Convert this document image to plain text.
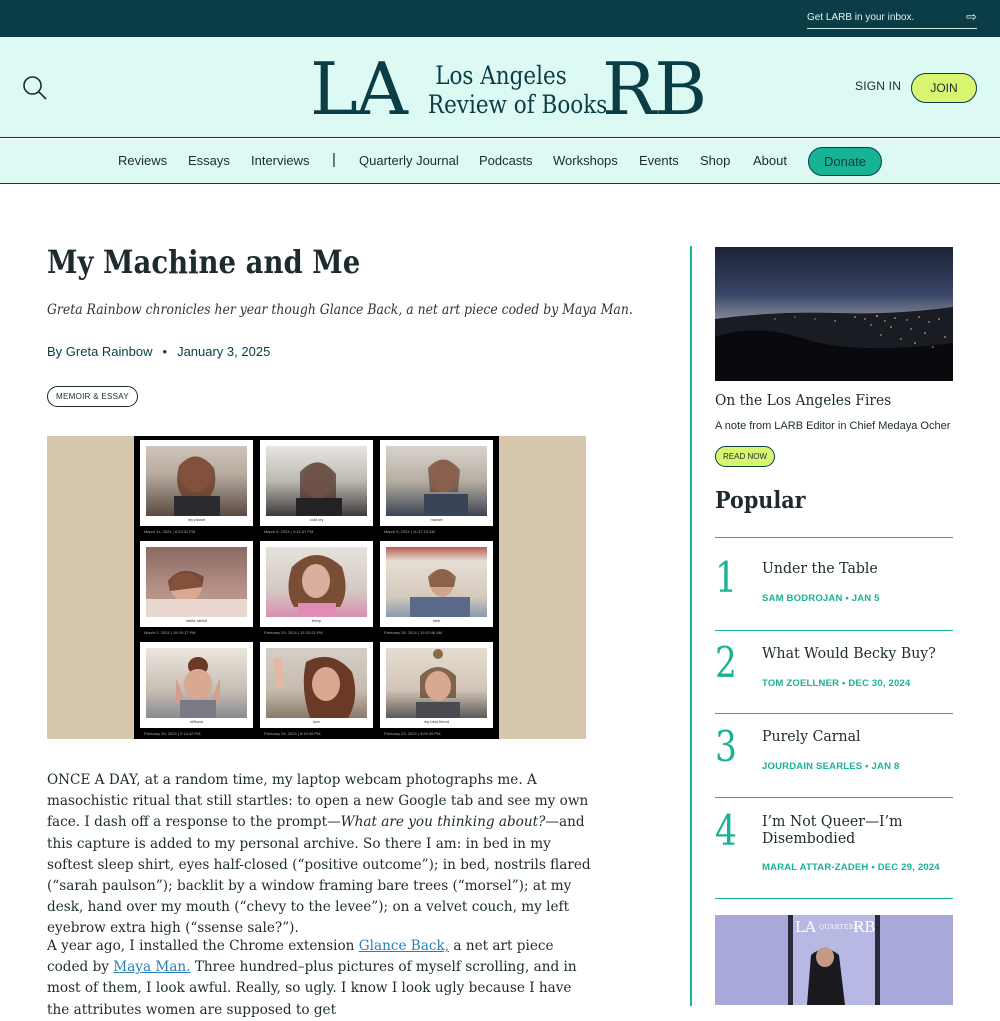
Get LARB in your inbox.
⇨
LA Los Angeles
Review of Books
RB	SIGN IN	JOIN
Reviews Essays Interviews | Quarterly Journal Podcasts Workshops Events Shop About	Donate
My Machine and Me

Greta Rainbow chronicles her year though Glance Back, a net art piece coded by Maya Man.

By Greta Rainbow • January 3, 2025
MEMOIR & ESSAY
my planet
March 11, 2024 | 8:33:32 PM
cold cry
March 8, 2024 | 4:14:37 PM
morsel
March 5, 2024 | 11:37:19 AM
white rabbit
March 2, 2024 | 10:09:17 PM
beep
February 29, 2024 | 12:32:23 PM
slek
February 28, 2024 | 11:02:48 AM
effluvia
February 26, 2024 | 2:14:42 PM
lozz
February 24, 2024 | 8:10:06 PM
my best friend
February 23, 2024 | 3:09:39 PM

ONCE A DAY, at a random time, my laptop webcam photographs me. A masochistic ritual that still startles: to open a new Google tab and see my own face. I dash off a response to the prompt—What are you thinking about?—and this capture is added to my personal archive. So there I am: in bed in my softest sleep shirt, eyes half-closed (“positive outcome”); in bed, nostrils flared (“sarah paulson”); backlit by a window framing bare trees (“morsel”); at my desk, hand over my mouth (“chevy to the levee”); on a velvet couch, my left eyebrow extra high (“ssense sale?”).

A year ago, I installed the Chrome extension Glance Back, a net art piece coded by Maya Man. Three hundred–plus pictures of myself scrolling, and in most of them, I look awful. Really, so ugly. I know I look ugly because I have the attributes women are supposed to get

On the Los Angeles Fires
A note from LARB Editor in Chief Medaya Ocher
READ NOW
Popular
1 Under the Table
SAM BODROJAN • JAN 5
2 What Would Becky Buy?
TOM ZOELLNER • DEC 30, 2024
3 Purely Carnal
JOURDAIN SEARLES • JAN 8
4 I’m Not Queer—I’m Disembodied
MARAL ATTAR-ZADEH • DEC 29, 2024
LA QUARTERLY
RB
